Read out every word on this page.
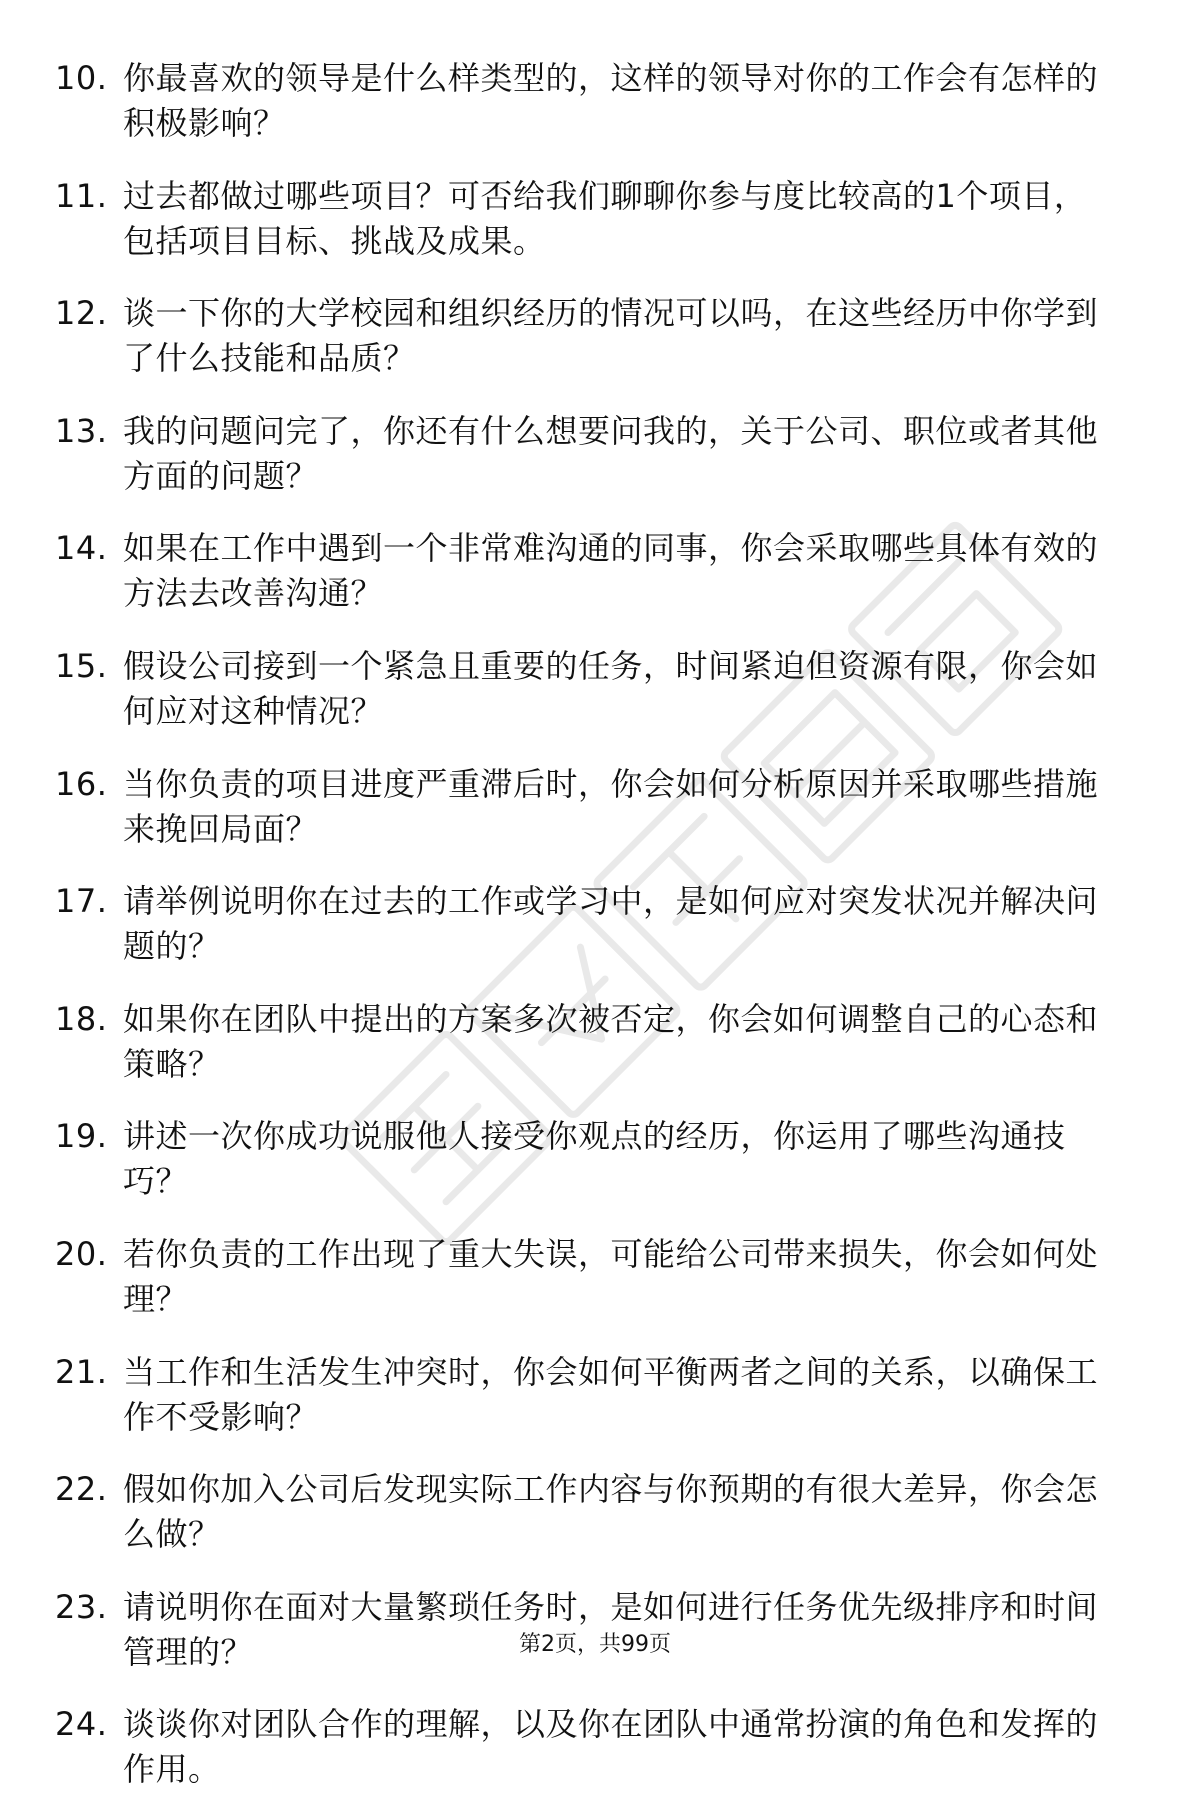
10. 你最喜欢的领导是什么样类型的，这样的领导对你的工作会有怎样的积极影响？
11. 过去都做过哪些项目？可否给我们聊聊你参与度比较高的1个项目，包括项目目标、挑战及成果。
12. 谈一下你的大学校园和组织经历的情况可以吗，在这些经历中你学到了什么技能和品质？
13. 我的问题问完了，你还有什么想要问我的，关于公司、职位或者其他方面的问题？
14. 如果在工作中遇到一个非常难沟通的同事，你会采取哪些具体有效的方法去改善沟通？
15. 假设公司接到一个紧急且重要的任务，时间紧迫但资源有限，你会如何应对这种情况？
16. 当你负责的项目进度严重滞后时，你会如何分析原因并采取哪些措施来挽回局面？
17. 请举例说明你在过去的工作或学习中，是如何应对突发状况并解决问题的？
18. 如果你在团队中提出的方案多次被否定，你会如何调整自己的心态和策略？
19. 讲述一次你成功说服他人接受你观点的经历，你运用了哪些沟通技巧？
20. 若你负责的工作出现了重大失误，可能给公司带来损失，你会如何处理？
21. 当工作和生活发生冲突时，你会如何平衡两者之间的关系，以确保工作不受影响？
22. 假如你加入公司后发现实际工作内容与你预期的有很大差异，你会怎么做？
23. 请说明你在面对大量繁琐任务时，是如何进行任务优先级排序和时间管理的？
24. 谈谈你对团队合作的理解，以及你在团队中通常扮演的角色和发挥的作用。
第2页，共99页
